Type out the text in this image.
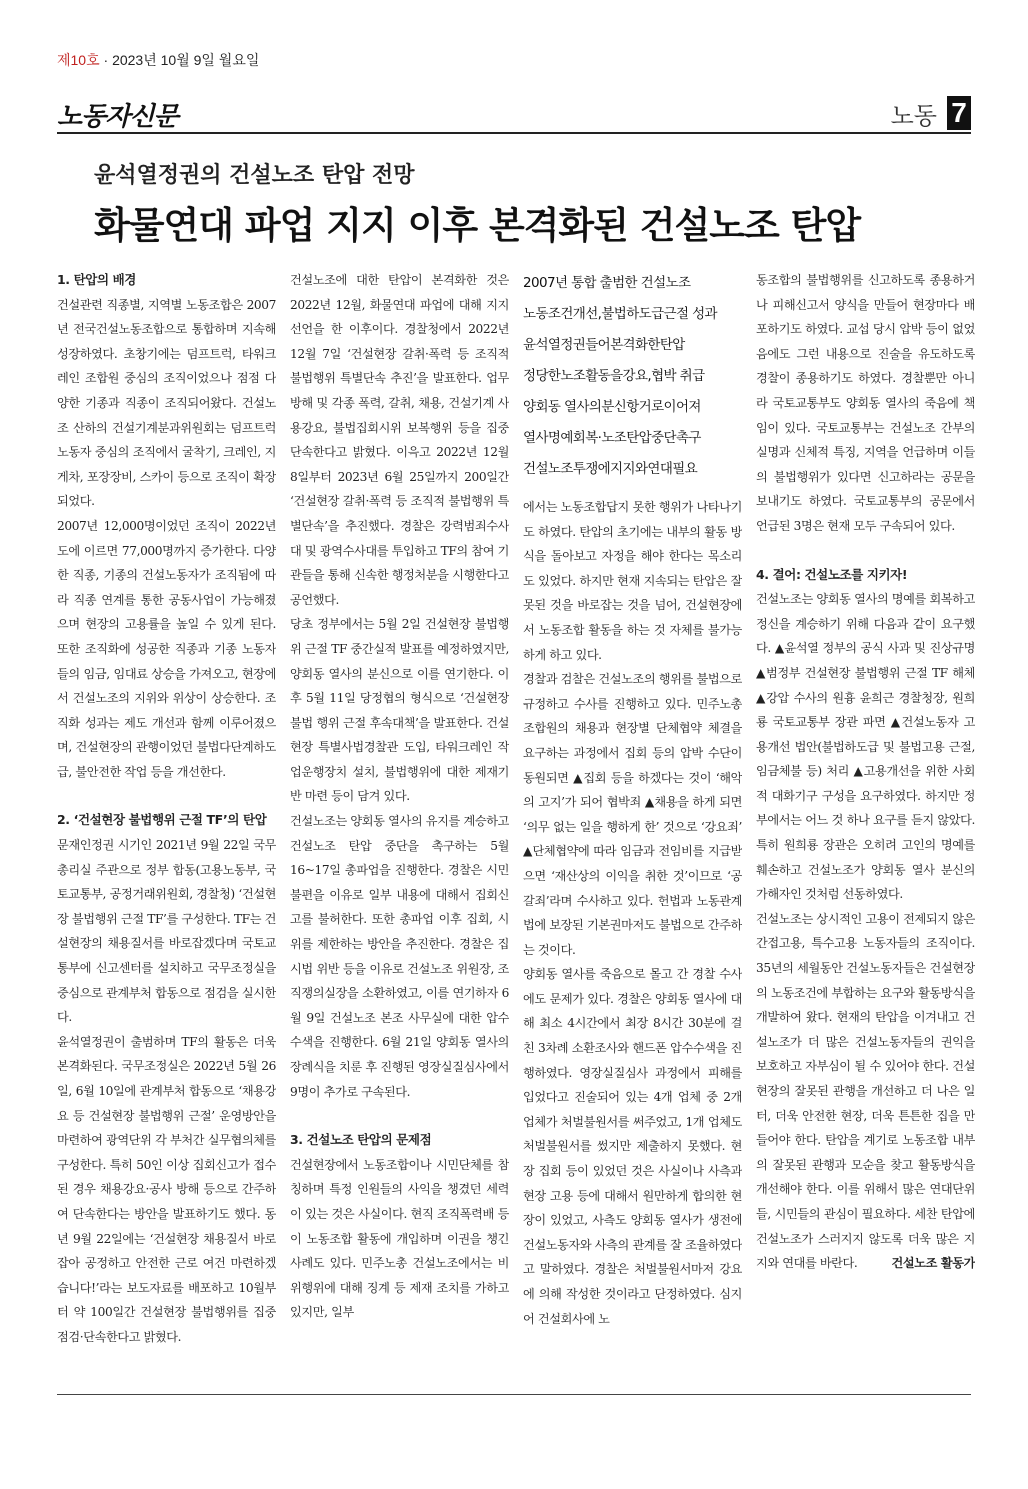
제10호 · 2023년 10월 9일 월요일
노동자신문	노동 7
윤석열정권의 건설노조 탄압 전망
화물연대 파업 지지 이후 본격화된 건설노조 탄압
1. 탄압의 배경

건설관련 직종별, 지역별 노동조합은 2007년 전국건설노동조합으로 통합하며 지속해 성장하였다. 초창기에는 덤프트럭, 타워크레인 조합원 중심의 조직이었으나 점점 다양한 기종과 직종이 조직되어왔다. 건설노조 산하의 건설기계분과위원회는 덤프트럭 노동자 중심의 조직에서 굴착기, 크레인, 지게차, 포장장비, 스카이 등으로 조직이 확장되었다.

2007년 12,000명이었던 조직이 2022년도에 이르면 77,000명까지 증가한다. 다양한 직종, 기종의 건설노동자가 조직됨에 따라 직종 연계를 통한 공동사업이 가능해졌으며 현장의 고용률을 높일 수 있게 된다. 또한 조직화에 성공한 직종과 기종 노동자들의 임금, 임대료 상승을 가져오고, 현장에서 건설노조의 지위와 위상이 상승한다. 조직화 성과는 제도 개선과 함께 이루어졌으며, 건설현장의 관행이었던 불법다단계하도급, 불안전한 작업 등을 개선한다.

2. ‘건설현장 불법행위 근절 TF’의 탄압

문재인정권 시기인 2021년 9월 22일 국무총리실 주관으로 정부 합동(고용노동부, 국토교통부, 공정거래위원회, 경찰청) ‘건설현장 불법행위 근절 TF’를 구성한다. TF는 건설현장의 채용질서를 바로잡겠다며 국토교통부에 신고센터를 설치하고 국무조정실을 중심으로 관계부처 합동으로 점검을 실시한다.

윤석열정권이 출범하며 TF의 활동은 더욱 본격화된다. 국무조정실은 2022년 5월 26일, 6월 10일에 관계부처 합동으로 ‘채용강요 등 건설현장 불법행위 근절’ 운영방안을 마련하여 광역단위 각 부처간 실무협의체를 구성한다. 특히 50인 이상 집회신고가 접수된 경우 채용강요·공사 방해 등으로 간주하여 단속한다는 방안을 발표하기도 했다. 동년 9월 22일에는 ‘건설현장 채용질서 바로잡아 공정하고 안전한 근로 여건 마련하겠습니다!’라는 보도자료를 배포하고 10월부터 약 100일간 건설현장 불법행위를 집중 점검·단속한다고 밝혔다.

건설노조에 대한 탄압이 본격화한 것은 2022년 12월, 화물연대 파업에 대해 지지선언을 한 이후이다. 경찰청에서 2022년 12월 7일 ‘건설현장 갈취·폭력 등 조직적 불법행위 특별단속 추진’을 발표한다. 업무방해 및 각종 폭력, 갈취, 채용, 건설기계 사용강요, 불법집회시위 보복행위 등을 집중 단속한다고 밝혔다. 이윽고 2022년 12월 8일부터 2023년 6월 25일까지 200일간 ‘건설현장 갈취·폭력 등 조직적 불법행위 특별단속’을 추진했다. 경찰은 강력범죄수사대 및 광역수사대를 투입하고 TF의 참여 기관들을 통해 신속한 행정처분을 시행한다고 공언했다.

당초 정부에서는 5월 2일 건설현장 불법행위 근절 TF 중간실적 발표를 예정하였지만, 양회동 열사의 분신으로 이를 연기한다. 이후 5월 11일 당정협의 형식으로 ‘건설현장 불법 행위 근절 후속대책’을 발표한다. 건설현장 특별사법경찰관 도입, 타워크레인 작업운행장치 설치, 불법행위에 대한 제재기반 마련 등이 담겨 있다.

건설노조는 양회동 열사의 유지를 계승하고 건설노조 탄압 중단을 촉구하는 5월 16~17일 총파업을 진행한다. 경찰은 시민 불편을 이유로 일부 내용에 대해서 집회신고를 불허한다. 또한 총파업 이후 집회, 시위를 제한하는 방안을 추진한다. 경찰은 집시법 위반 등을 이유로 건설노조 위원장, 조직쟁의실장을 소환하였고, 이를 연기하자 6월 9일 건설노조 본조 사무실에 대한 압수수색을 진행한다. 6월 21일 양회동 열사의 장례식을 치룬 후 진행된 영장실질심사에서 9명이 추가로 구속된다.

3. 건설노조 탄압의 문제점

건설현장에서 노동조합이나 시민단체를 참칭하며 특정 인원들의 사익을 챙겼던 세력이 있는 것은 사실이다. 현직 조직폭력배 등이 노동조합 활동에 개입하며 이권을 챙긴 사례도 있다. 민주노총 건설노조에서는 비위행위에 대해 징계 등 제재 조치를 가하고 있지만, 일부

2007년 통합 출범한 건설노조
노동조건개선,불법하도급근절 성과
윤석열정권들어본격화한탄압
정당한노조활동을강요,협박 취급
양회동 열사의분신항거로이어져
열사명예회복·노조탄압중단촉구
건설노조투쟁에지지와연대필요

에서는 노동조합답지 못한 행위가 나타나기도 하였다. 탄압의 초기에는 내부의 활동 방식을 돌아보고 자정을 해야 한다는 목소리도 있었다. 하지만 현재 지속되는 탄압은 잘못된 것을 바로잡는 것을 넘어, 건설현장에서 노동조합 활동을 하는 것 자체를 불가능하게 하고 있다.

경찰과 검찰은 건설노조의 행위를 불법으로 규정하고 수사를 진행하고 있다. 민주노총 조합원의 채용과 현장별 단체협약 체결을 요구하는 과정에서 집회 등의 압박 수단이 동원되면 ▲집회 등을 하겠다는 것이 ‘해악의 고지’가 되어 협박죄 ▲채용을 하게 되면 ‘의무 없는 일을 행하게 한’ 것으로 ‘강요죄’ ▲단체협약에 따라 임금과 전임비를 지급받으면 ‘재산상의 이익을 취한 것’이므로 ‘공갈죄’라며 수사하고 있다. 헌법과 노동관계법에 보장된 기본권마저도 불법으로 간주하는 것이다.

양회동 열사를 죽음으로 몰고 간 경찰 수사에도 문제가 있다. 경찰은 양회동 열사에 대해 최소 4시간에서 최장 8시간 30분에 걸친 3차례 소환조사와 핸드폰 압수수색을 진행하였다. 영장실질심사 과정에서 피해를 입었다고 진술되어 있는 4개 업체 중 2개 업체가 처벌불원서를 써주었고, 1개 업체도 처벌불원서를 썼지만 제출하지 못했다. 현장 집회 등이 있었던 것은 사실이나 사측과 현장 고용 등에 대해서 원만하게 합의한 현장이 있었고, 사측도 양회동 열사가 생전에 건설노동자와 사측의 관계를 잘 조율하였다고 말하였다. 경찰은 처벌불원서마저 강요에 의해 작성한 것이라고 단정하였다. 심지어 건설회사에 노

동조합의 불법행위를 신고하도록 종용하거나 피해신고서 양식을 만들어 현장마다 배포하기도 하였다. 교섭 당시 압박 등이 없었음에도 그런 내용으로 진술을 유도하도록 경찰이 종용하기도 하였다. 경찰뿐만 아니라 국토교통부도 양회동 열사의 죽음에 책임이 있다. 국토교통부는 건설노조 간부의 실명과 신체적 특징, 지역을 언급하며 이들의 불법행위가 있다면 신고하라는 공문을 보내기도 하였다. 국토교통부의 공문에서 언급된 3명은 현재 모두 구속되어 있다.

4. 결어: 건설노조를 지키자!

건설노조는 양회동 열사의 명예를 회복하고 정신을 계승하기 위해 다음과 같이 요구했다. ▲윤석열 정부의 공식 사과 및 진상규명 ▲범정부 건설현장 불법행위 근절 TF 해체 ▲강압 수사의 원흉 윤희근 경찰청장, 원희룡 국토교통부 장관 파면 ▲건설노동자 고용개선 법안(불법하도급 및 불법고용 근절, 임금체불 등) 처리 ▲고용개선을 위한 사회적 대화기구 구성을 요구하였다. 하지만 정부에서는 어느 것 하나 요구를 듣지 않았다. 특히 원희룡 장관은 오히려 고인의 명예를 훼손하고 건설노조가 양회동 열사 분신의 가해자인 것처럼 선동하였다.

건설노조는 상시적인 고용이 전제되지 않은 간접고용, 특수고용 노동자들의 조직이다. 35년의 세월동안 건설노동자들은 건설현장의 노동조건에 부합하는 요구와 활동방식을 개발하여 왔다. 현재의 탄압을 이겨내고 건설노조가 더 많은 건설노동자들의 권익을 보호하고 자부심이 될 수 있어야 한다. 건설현장의 잘못된 관행을 개선하고 더 나은 일터, 더욱 안전한 현장, 더욱 튼튼한 집을 만들어야 한다. 탄압을 계기로 노동조합 내부의 잘못된 관행과 모순을 찾고 활동방식을 개선해야 한다. 이를 위해서 많은 연대단위들, 시민들의 관심이 필요하다. 세찬 탄압에 건설노조가 스러지지 않도록 더욱 많은 지지와 연대를 바란다.	건설노조 활동가
